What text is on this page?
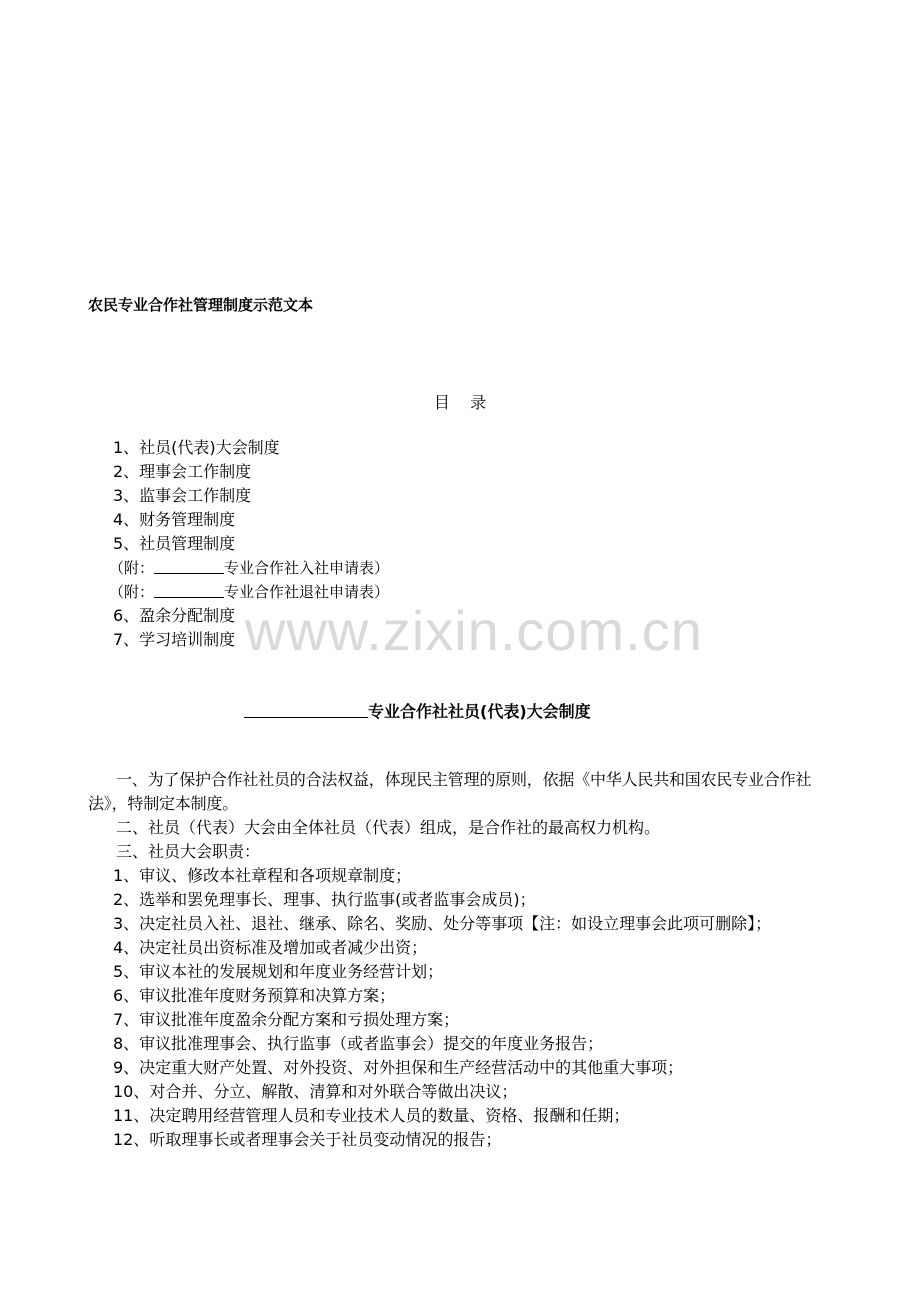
农民专业合作社管理制度示范文本
目    录
1、社员(代表)大会制度
2、理事会工作制度
3、监事会工作制度
4、财务管理制度
5、社员管理制度
（附：	专业合作社入社申请表）
（附：	专业合作社退社申请表）
6、盈余分配制度
7、学习培训制度 www.zixin.com.cn
专业合作社社员(代表)大会制度
一、为了保护合作社社员的合法权益，体现民主管理的原则，依据《中华人民共和国农民专业合作社法》，特制定本制度。
二、社员（代表）大会由全体社员（代表）组成，是合作社的最高权力机构。
三、社员大会职责：
1、审议、修改本社章程和各项规章制度；
2、选举和罢免理事长、理事、执行监事(或者监事会成员)；
3、决定社员入社、退社、继承、除名、奖励、处分等事项【注：如设立理事会此项可删除】；
4、决定社员出资标准及增加或者减少出资；
5、审议本社的发展规划和年度业务经营计划；
6、审议批准年度财务预算和决算方案；
7、审议批准年度盈余分配方案和亏损处理方案；
8、审议批准理事会、执行监事（或者监事会）提交的年度业务报告；
9、决定重大财产处置、对外投资、对外担保和生产经营活动中的其他重大事项；
10、对合并、分立、解散、清算和对外联合等做出决议；
11、决定聘用经营管理人员和专业技术人员的数量、资格、报酬和任期；
12、听取理事长或者理事会关于社员变动情况的报告；
